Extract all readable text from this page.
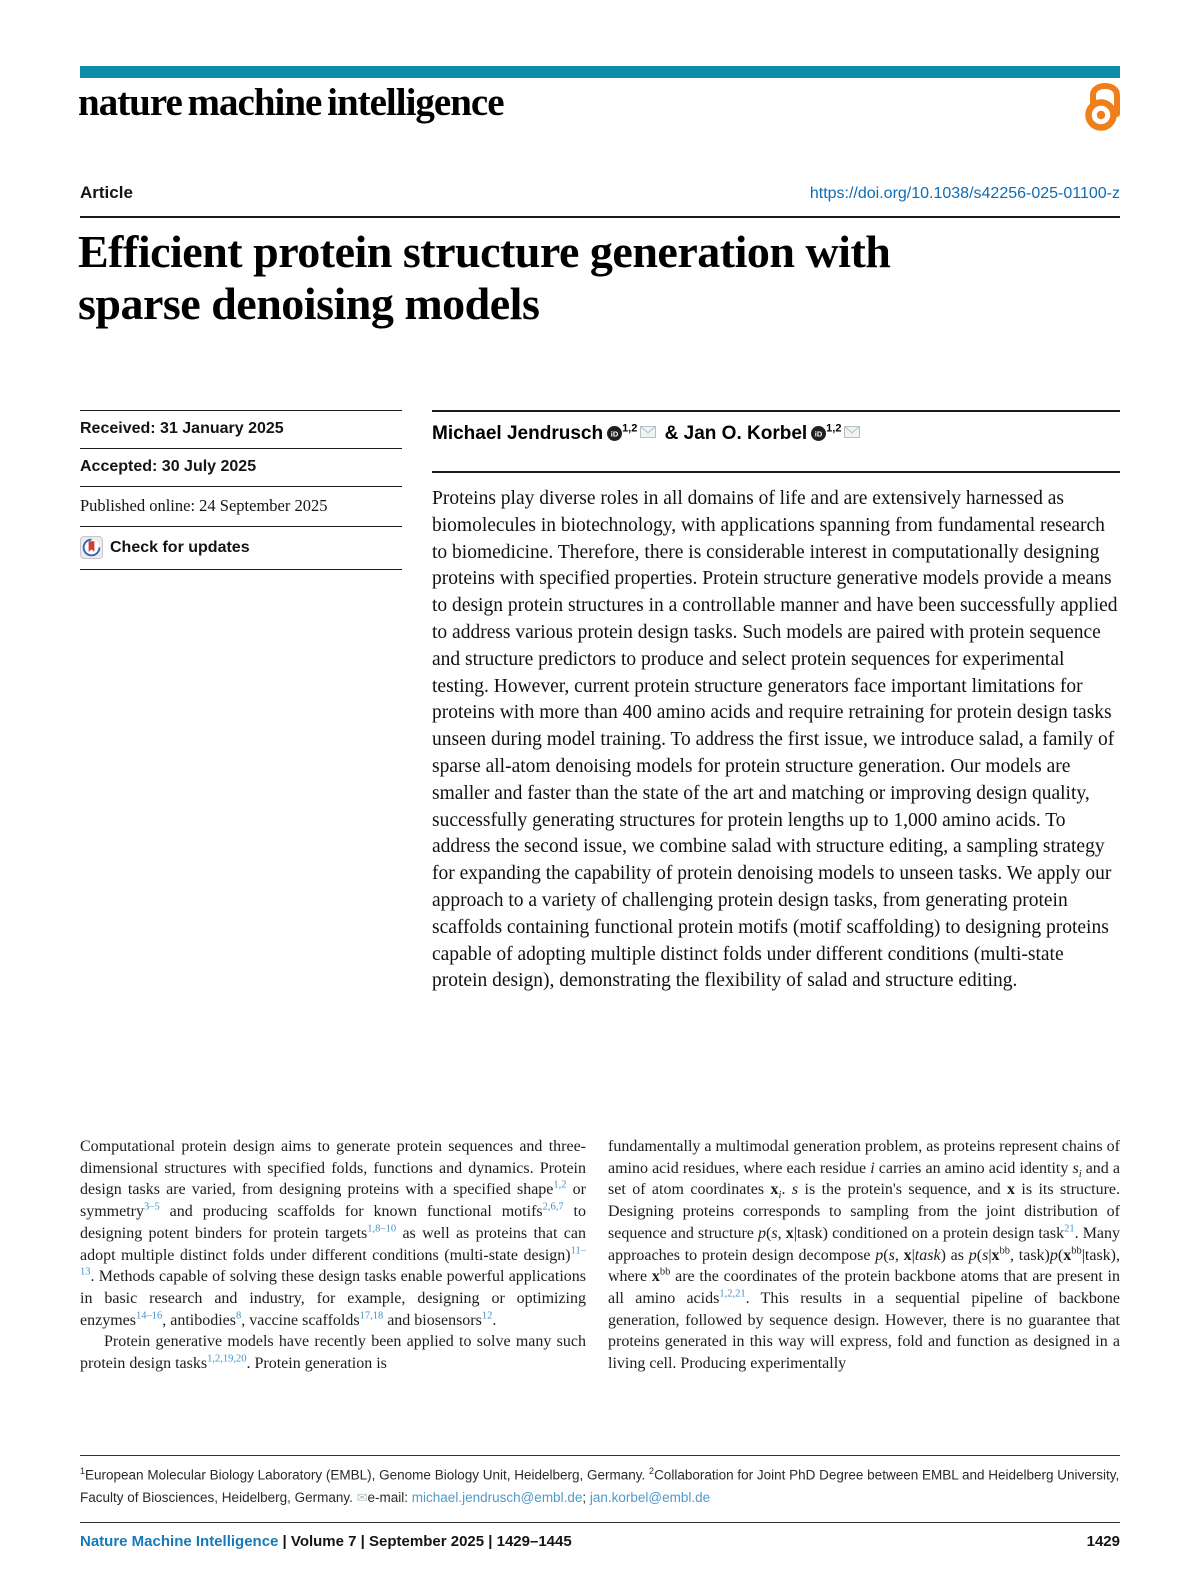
nature machine intelligence
Article	https://doi.org/10.1038/s42256-025-01100-z
Efficient protein structure generation with
sparse denoising models
Received: 31 January 2025
Accepted: 30 July 2025
Published online: 24 September 2025
Check for updates
Michael Jendrusch iD $^{1,2}$ & Jan O. Korbel iD $^{1,2}$
Proteins play diverse roles in all domains of life and are extensively harnessed as biomolecules in biotechnology, with applications spanning from fundamental research to biomedicine. Therefore, there is considerable interest in computationally designing proteins with specified properties. Protein structure generative models provide a means to design protein structures in a controllable manner and have been successfully applied to address various protein design tasks. Such models are paired with protein sequence and structure predictors to produce and select protein sequences for experimental testing. However, current protein structure generators face important limitations for proteins with more than 400 amino acids and require retraining for protein design tasks unseen during model training. To address the first issue, we introduce salad, a family of sparse all-atom denoising models for protein structure generation. Our models are smaller and faster than the state of the art and matching or improving design quality, successfully generating structures for protein lengths up to 1,000 amino acids. To address the second issue, we combine salad with structure editing, a sampling strategy for expanding the capability of protein denoising models to unseen tasks. We apply our approach to a variety of challenging protein design tasks, from generating protein scaffolds containing functional protein motifs (motif scaffolding) to designing proteins capable of adopting multiple distinct folds under different conditions (multi-state protein design), demonstrating the flexibility of salad and structure editing.

Computational protein design aims to generate protein sequences and three-dimensional structures with specified folds, functions and dynamics. Protein design tasks are varied, from designing proteins with a specified shape$^{1,2}$ or symmetry$^{3-5}$ and producing scaffolds for known functional motifs$^{2,6,7}$ to designing potent binders for protein targets$^{1,8-10}$ as well as proteins that can adopt multiple distinct folds under different conditions (multi-state design)$^{11-13}$. Methods capable of solving these design tasks enable powerful applications in basic research and industry, for example, designing or optimizing enzymes$^{14-16}$, antibodies$^8$, vaccine scaffolds$^{17,18}$ and biosensors$^{12}$.

Protein generative models have recently been applied to solve many such protein design tasks$^{1,2,19,20}$. Protein generation is

fundamentally a multimodal generation problem, as proteins represent chains of amino acid residues, where each residue i carries an amino acid identity $s_i$ and a set of atom coordinates $x_i$. s is the protein's sequence, and x is its structure. Designing proteins corresponds to sampling from the joint distribution of sequence and structure p(s, x|task) conditioned on a protein design task$^{21}$. Many approaches to protein design decompose p(s, x|task) as $p(s|x^{bb}$, $task)p(x^{bb}|task)$, where $x^{bb}$ are the coordinates of the protein backbone atoms that are present in all amino acids$^{1,2,21}$. This results in a sequential pipeline of backbone generation, followed by sequence design. However, there is no guarantee that proteins generated in this way will express, fold and function as designed in a living cell. Producing experimentally

$^1$European Molecular Biology Laboratory (EMBL), Genome Biology Unit, Heidelberg, Germany. $^2$Collaboration for Joint PhD Degree between EMBL and Heidelberg University, Faculty of Biosciences, Heidelberg, Germany. ✉e-mail: michael.jendrusch@embl.de; jan.korbel@embl.de
Nature Machine Intelligence | Volume 7 | September 2025 | 1429–1445	1429
